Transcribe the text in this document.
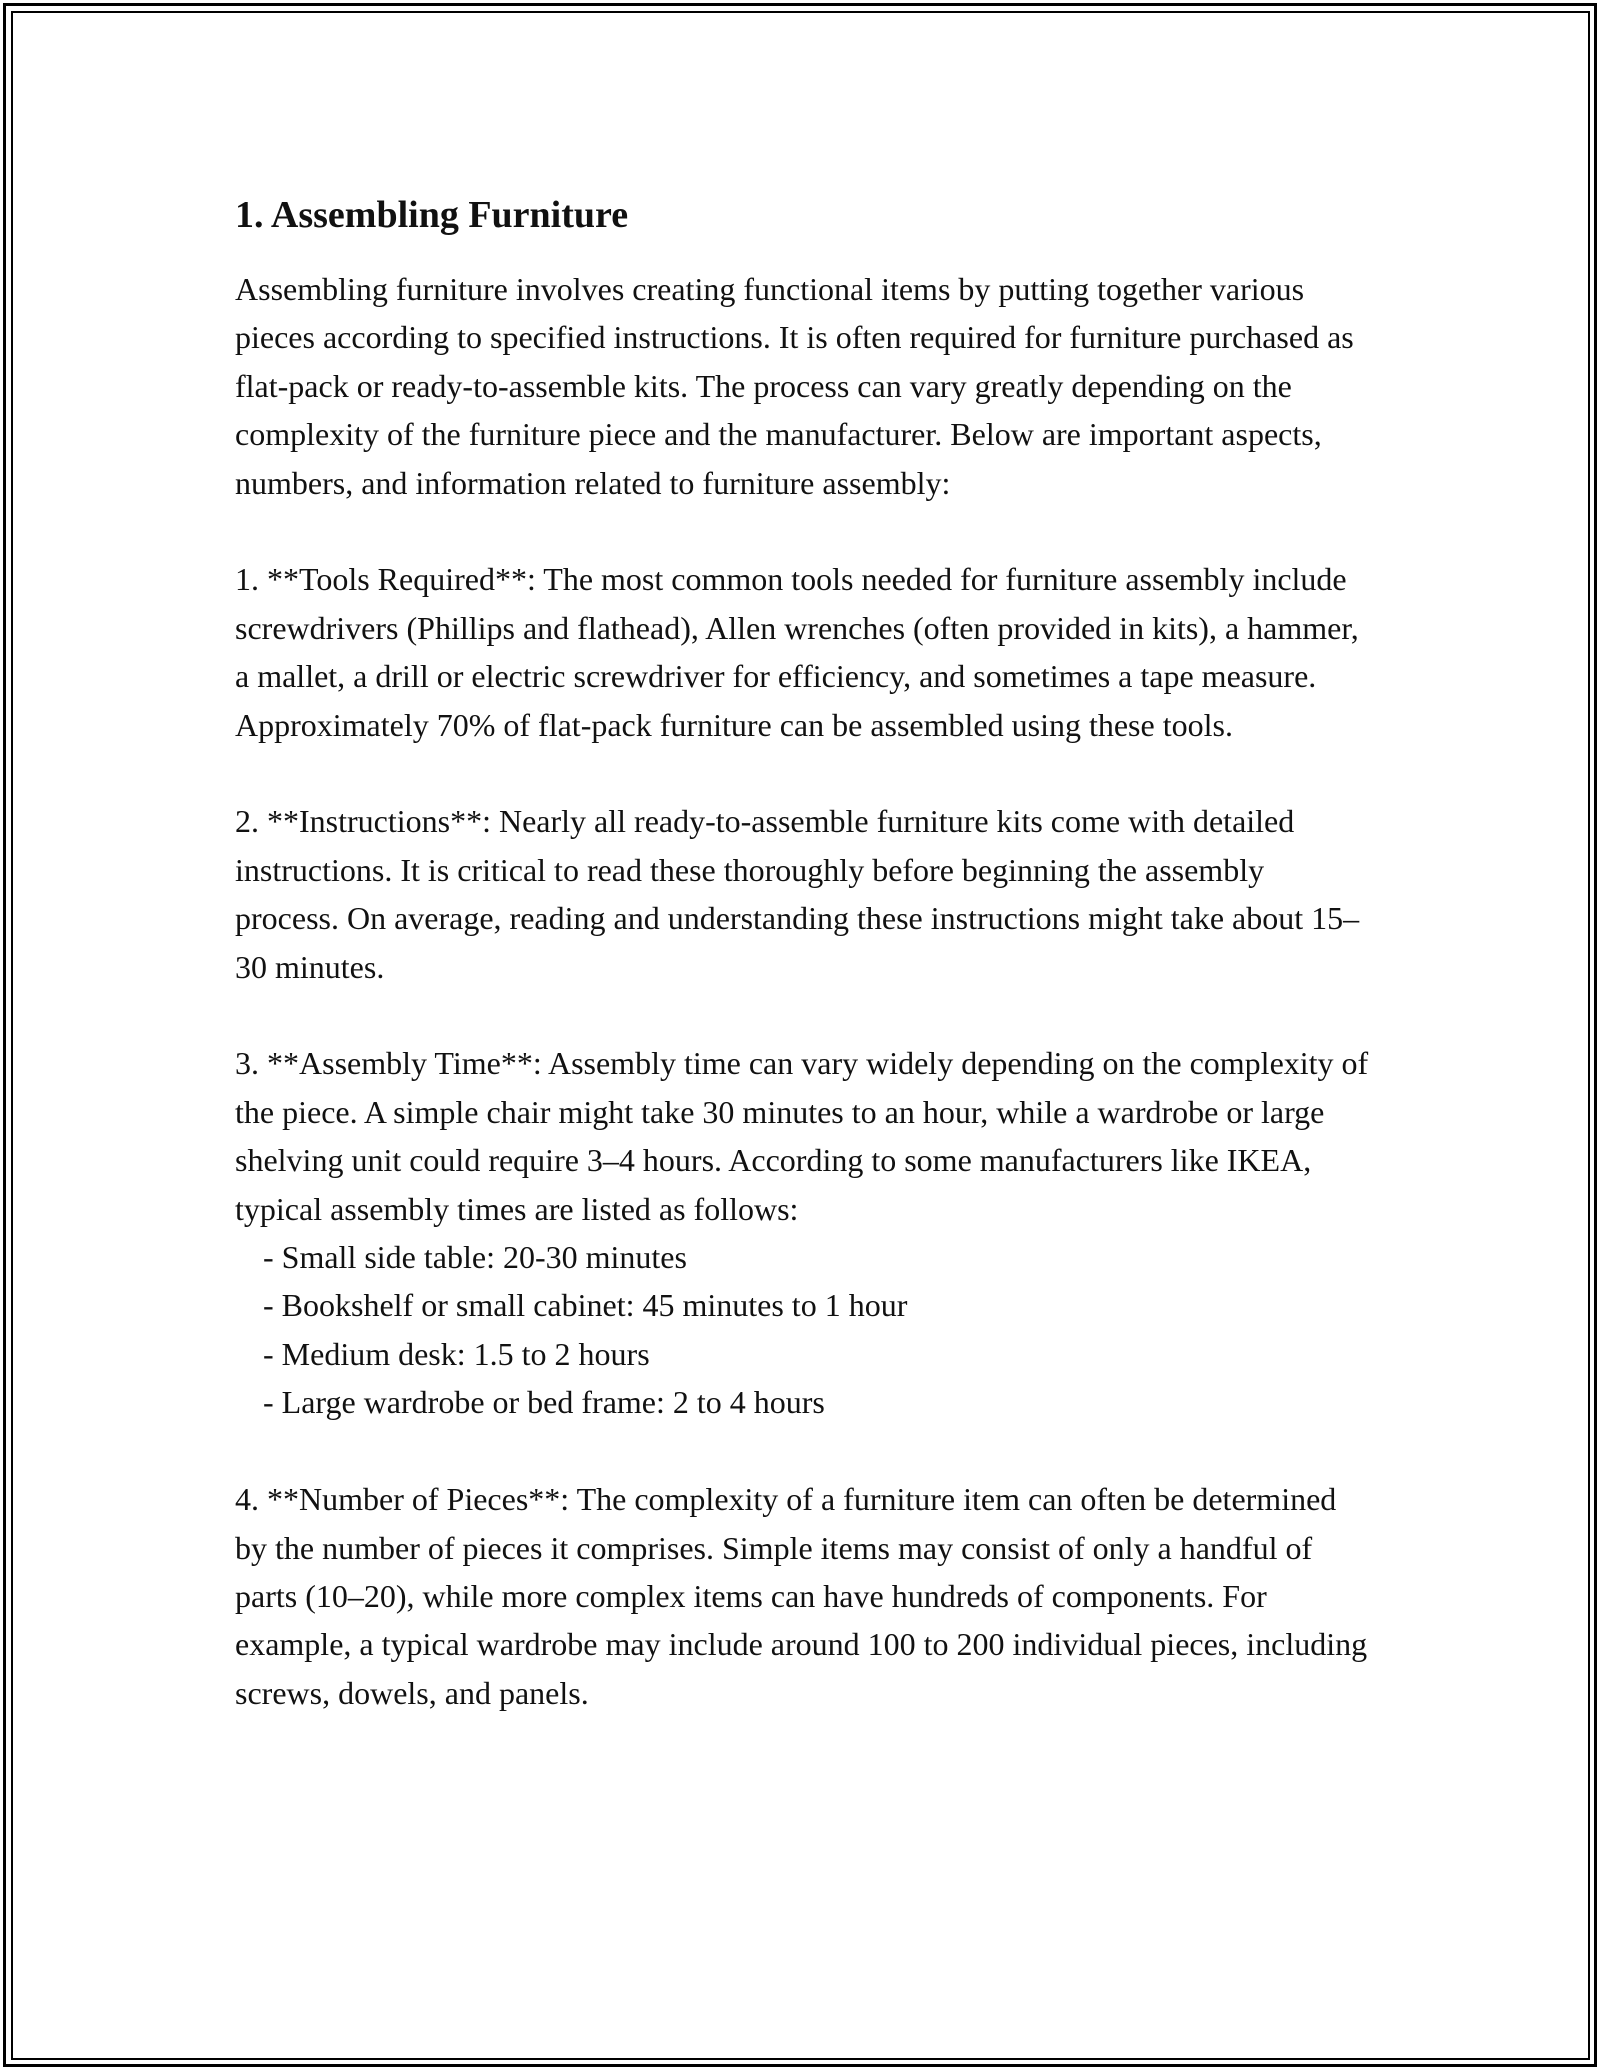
1. Assembling Furniture

Assembling furniture involves creating functional items by putting together various pieces according to specified instructions. It is often required for furniture purchased as flat-pack or ready-to-assemble kits. The process can vary greatly depending on the complexity of the furniture piece and the manufacturer. Below are important aspects, numbers, and information related to furniture assembly:

1. **Tools Required**: The most common tools needed for furniture assembly include screwdrivers (Phillips and flathead), Allen wrenches (often provided in kits), a hammer, a mallet, a drill or electric screwdriver for efficiency, and sometimes a tape measure. Approximately 70% of flat-pack furniture can be assembled using these tools.

2. **Instructions**: Nearly all ready-to-assemble furniture kits come with detailed instructions. It is critical to read these thoroughly before beginning the assembly process. On average, reading and understanding these instructions might take about 15–30 minutes.

3. **Assembly Time**: Assembly time can vary widely depending on the complexity of the piece. A simple chair might take 30 minutes to an hour, while a wardrobe or large shelving unit could require 3–4 hours. According to some manufacturers like IKEA, typical assembly times are listed as follows:

- Small side table: 20-30 minutes

- Bookshelf or small cabinet: 45 minutes to 1 hour

- Medium desk: 1.5 to 2 hours

- Large wardrobe or bed frame: 2 to 4 hours

4. **Number of Pieces**: The complexity of a furniture item can often be determined by the number of pieces it comprises. Simple items may consist of only a handful of parts (10–20), while more complex items can have hundreds of components. For example, a typical wardrobe may include around 100 to 200 individual pieces, including screws, dowels, and panels.
